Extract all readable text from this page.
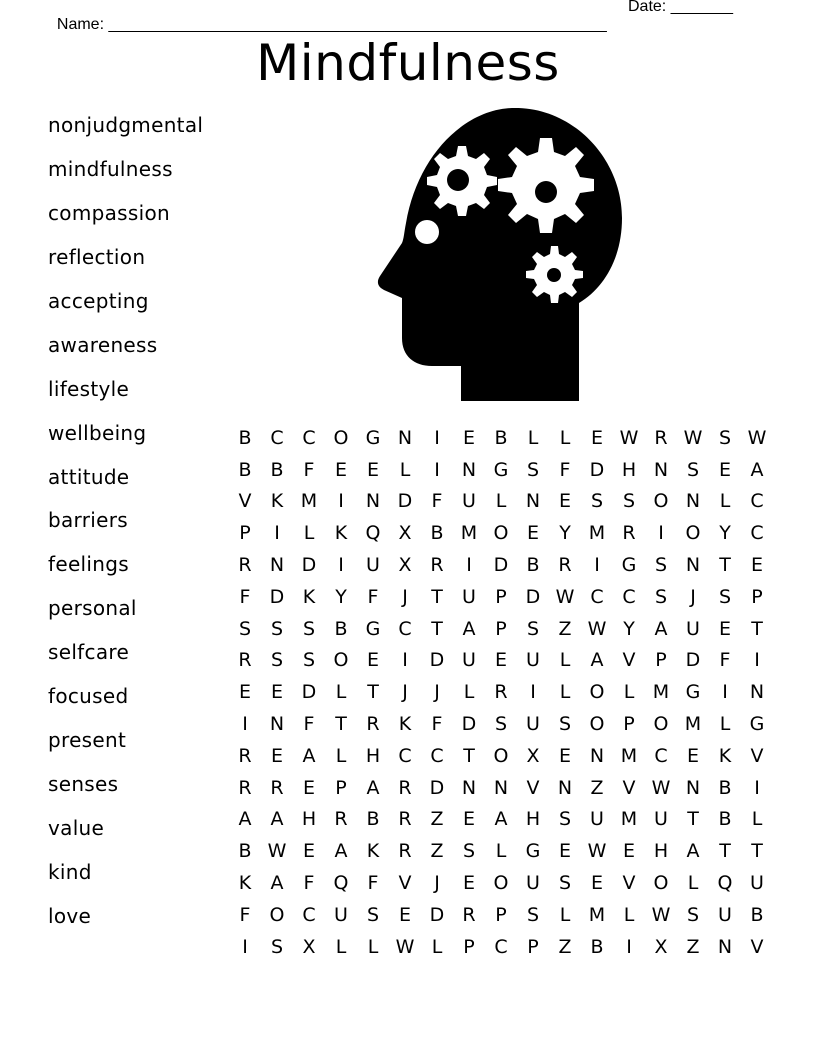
Name: ________________________________________________________

Date: _______

Mindfulness
nonjudgmental
mindfulness
compassion
reflection
accepting
awareness
lifestyle
wellbeing
attitude
barriers
feelings
personal
selfcare
focused
present
senses
value
kind
love
B	C	C	O	G	N	I	E	B	L	L	E	W	R	W	S	W
B	B	F	E	E	L	I	N	G	S	F	D	H	N	S	E	A
V	K	M	I	N	D	F	U	L	N	E	S	S	O	N	L	C
P	I	L	K	Q	X	B	M	O	E	Y	M	R	I	O	Y	C
R	N	D	I	U	X	R	I	D	B	R	I	G	S	N	T	E
F	D	K	Y	F	J	T	U	P	D	W	C	C	S	J	S	P
S	S	S	B	G	C	T	A	P	S	Z	W	Y	A	U	E	T
R	S	S	O	E	I	D	U	E	U	L	A	V	P	D	F	I
E	E	D	L	T	J	J	L	R	I	L	O	L	M	G	I	N
I	N	F	T	R	K	F	D	S	U	S	O	P	O	M	L	G
R	E	A	L	H	C	C	T	O	X	E	N	M	C	E	K	V
R	R	E	P	A	R	D	N	N	V	N	Z	V	W	N	B	I
A	A	H	R	B	R	Z	E	A	H	S	U	M	U	T	B	L
B	W	E	A	K	R	Z	S	L	G	E	W	E	H	A	T	T
K	A	F	Q	F	V	J	E	O	U	S	E	V	O	L	Q	U
F	O	C	U	S	E	D	R	P	S	L	M	L	W	S	U	B
I	S	X	L	L	W	L	P	C	P	Z	B	I	X	Z	N	V
